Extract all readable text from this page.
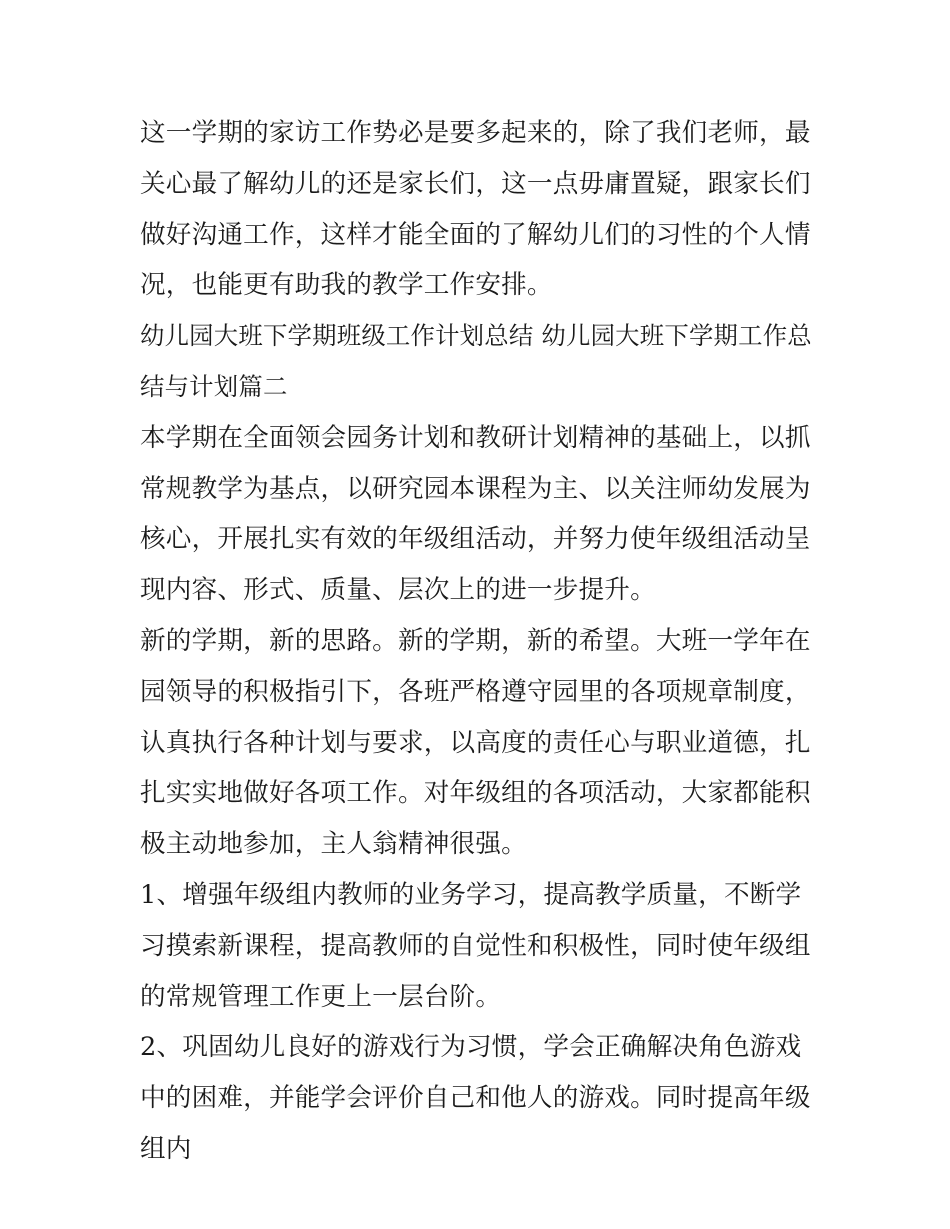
这一学期的家访工作势必是要多起来的，除了我们老师，最关心最了解幼儿的还是家长们，这一点毋庸置疑，跟家长们做好沟通工作，这样才能全面的了解幼儿们的习性的个人情况，也能更有助我的教学工作安排。

幼儿园大班下学期班级工作计划总结 幼儿园大班下学期工作总结与计划篇二

本学期在全面领会园务计划和教研计划精神的基础上，以抓常规教学为基点，以研究园本课程为主、以关注师幼发展为核心，开展扎实有效的年级组活动，并努力使年级组活动呈现内容、形式、质量、层次上的进一步提升。

新的学期，新的思路。新的学期，新的希望。大班一学年在园领导的积极指引下，各班严格遵守园里的各项规章制度，认真执行各种计划与要求，以高度的责任心与职业道德，扎扎实实地做好各项工作。对年级组的各项活动，大家都能积极主动地参加，主人翁精神很强。

1、增强年级组内教师的业务学习，提高教学质量，不断学习摸索新课程，提高教师的自觉性和积极性，同时使年级组的常规管理工作更上一层台阶。

2、巩固幼儿良好的游戏行为习惯，学会正确解决角色游戏中的困难，并能学会评价自己和他人的游戏。同时提高年级组内
